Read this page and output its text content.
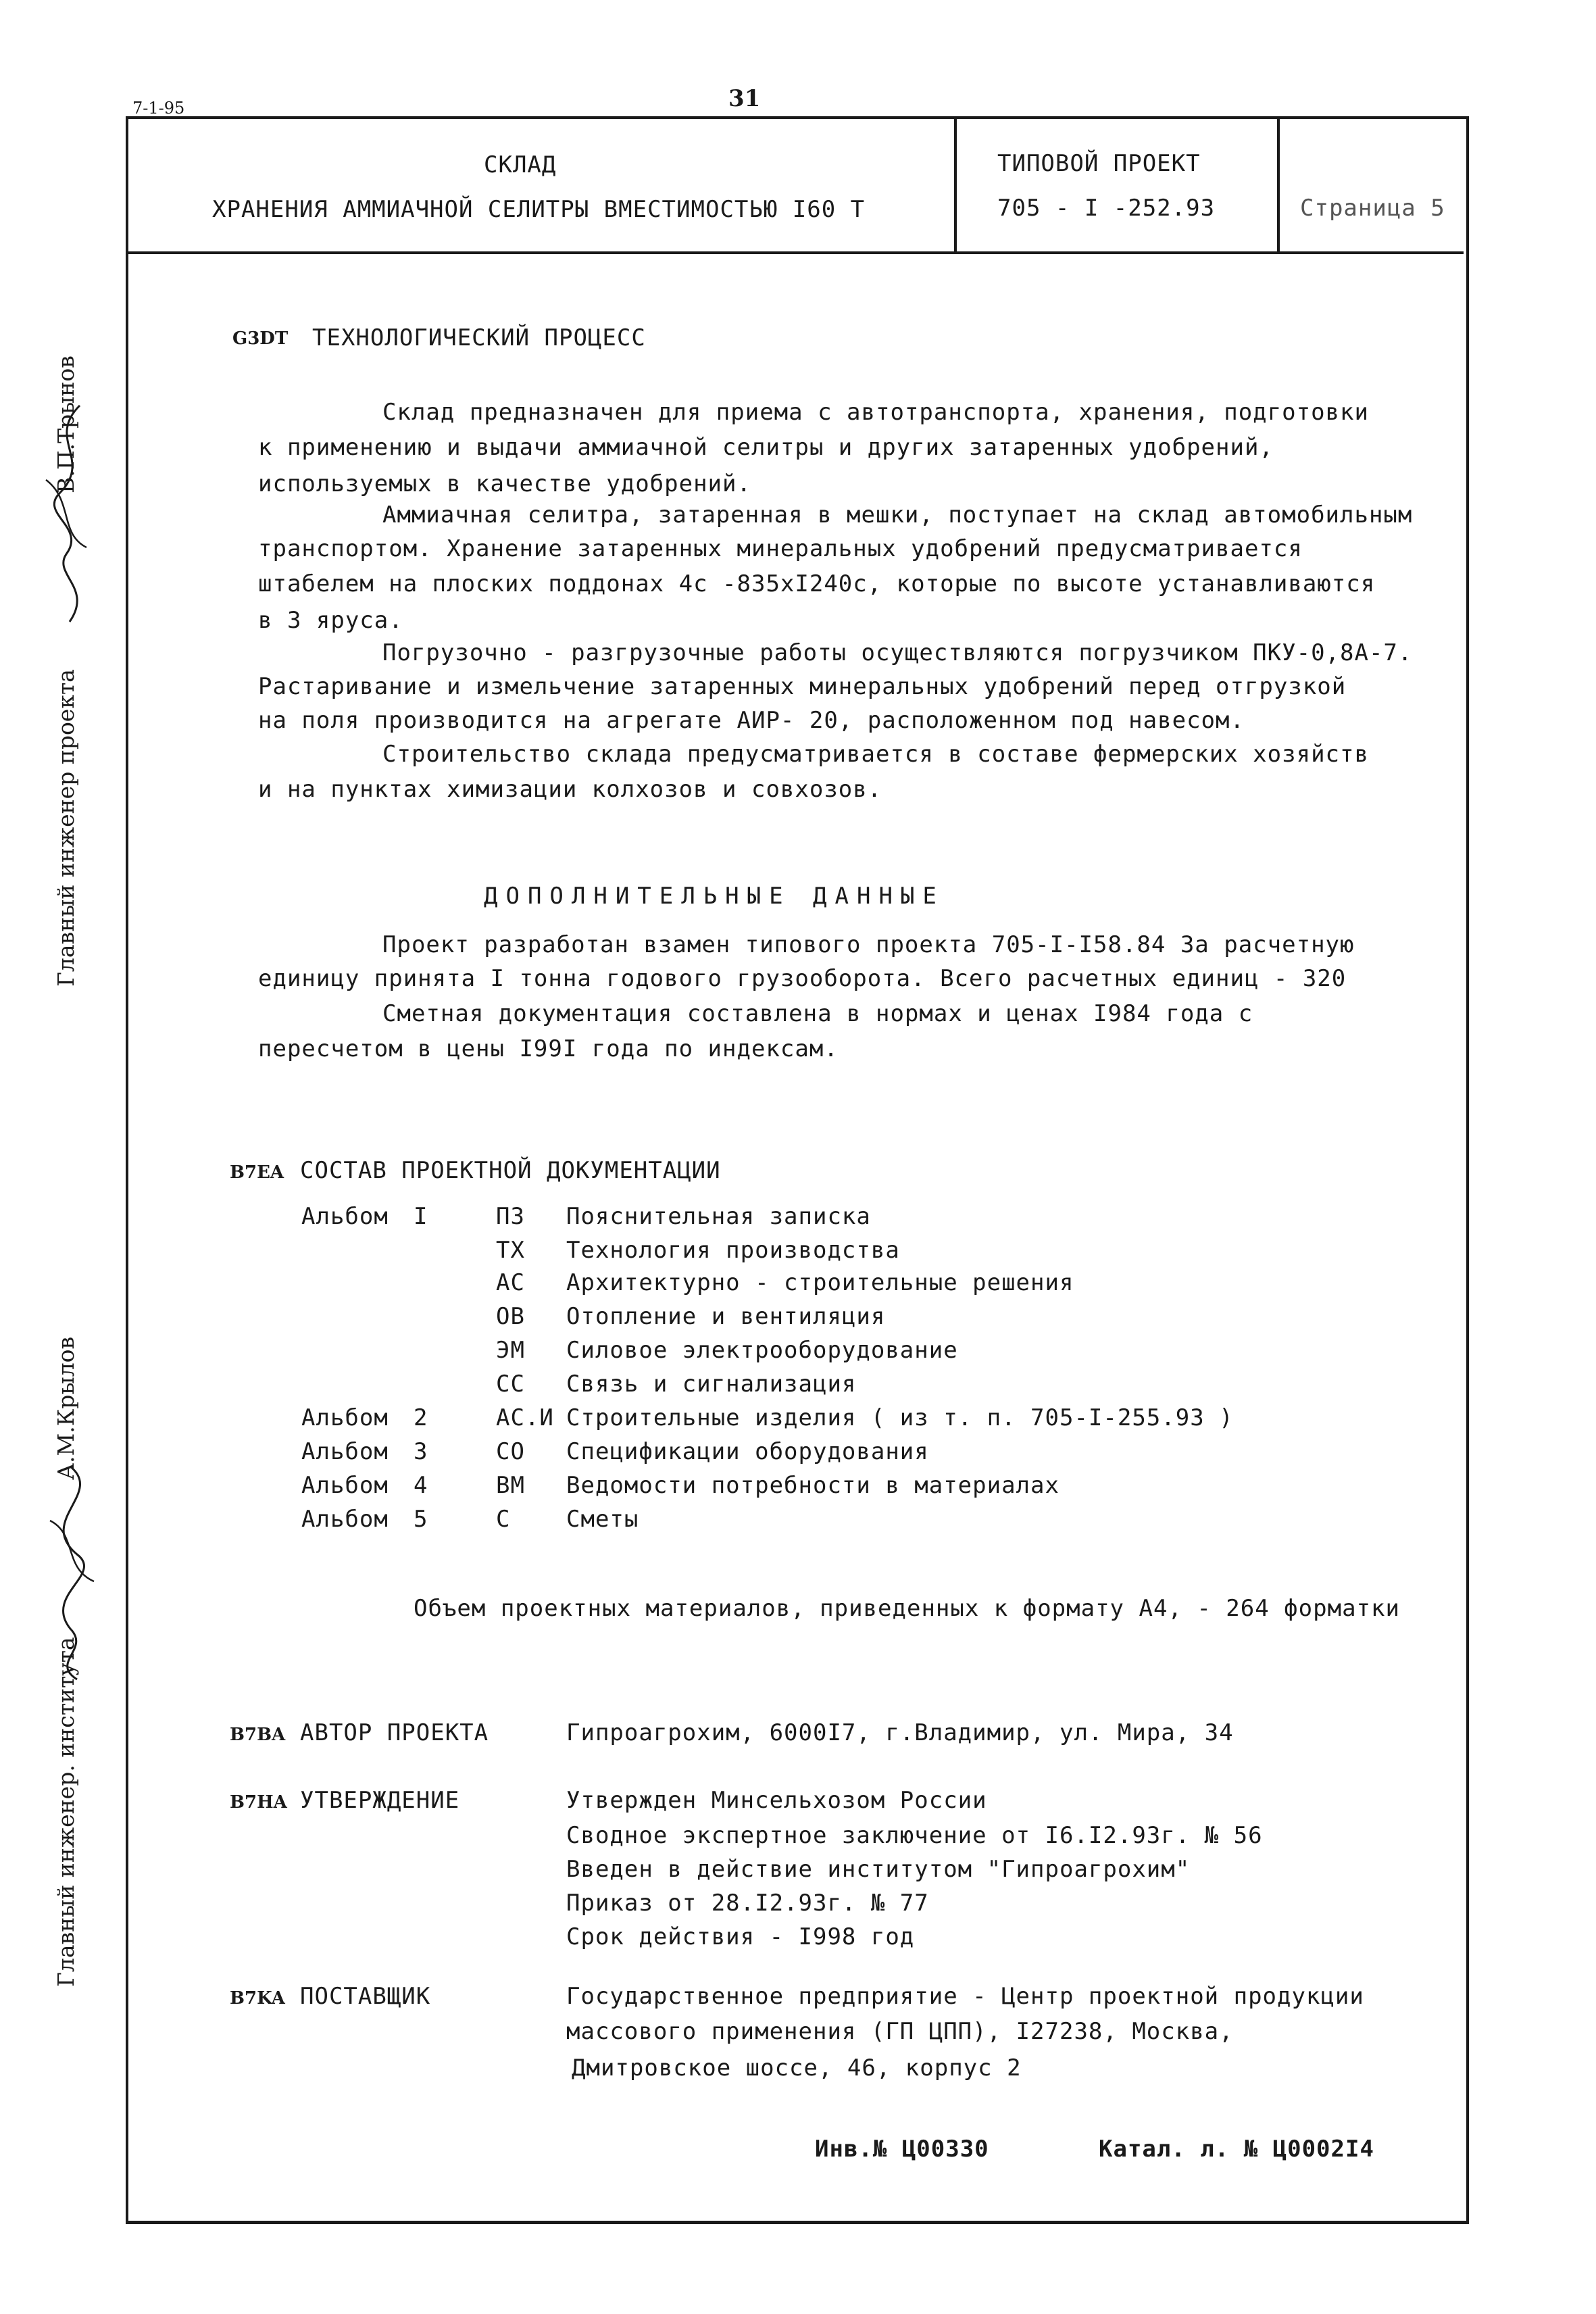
7-1-95	31
СКЛАД
ХРАНЕНИЯ АММИАЧНОЙ СЕЛИТРЫ ВМЕСТИМОСТЬЮ I60 Т
ТИПОВОЙ ПРОЕКТ
705 - I -252.93	Страница 5
Главный инженер проекта
В.П.Трынов
Главный инженер. института
А.М.Крылов
G3DT ТЕХНОЛОГИЧЕСКИЙ ПРОЦЕСС
Склад предназначен для приема с автотранспорта, хранения, подготовки
к применению и выдачи аммиачной селитры и других затаренных удобрений,
используемых в качестве удобрений.
Аммиачная селитра, затаренная в мешки, поступает на склад автомобильным
транспортом. Хранение затаренных минеральных удобрений предусматривается
штабелем на плоских поддонах 4с -835хI240с, которые по высоте устанавливаются
в 3 яруса.
Погрузочно - разгрузочные работы осуществляются погрузчиком ПКУ-0,8А-7.
Растаривание и измельчение затаренных минеральных удобрений перед отгрузкой
на поля производится на агрегате АИР- 20, расположенном под навесом.
Строительство склада предусматривается в составе фермерских хозяйств
и на пунктах химизации колхозов и совхозов.
ДОПОЛНИТЕЛЬНЫЕ ДАННЫЕ
Проект разработан взамен типового проекта 705-I-I58.84 За расчетную
единицу принята I тонна годового грузооборота. Всего расчетных единиц - 320
Сметная документация составлена в нормах и ценах I984 года с
пересчетом в цены I99I года по индексам.
B7EA СОСТАВ ПРОЕКТНОЙ ДОКУМЕНТАЦИИ
Альбом I	ПЗ Пояснительная записка
ТХ Технология производства
АС Архитектурно - строительные решения
ОВ Отопление и вентиляция
ЭМ Силовое электрооборудование
СС Связь и сигнализация
Альбом 2	АС.И Строительные изделия ( из т. п. 705-I-255.93 )
Альбом 3	СО Спецификации оборудования
Альбом 4	ВМ Ведомости потребности в материалах
Альбом 5	С Сметы
Объем проектных материалов, приведенных к формату А4, - 264 форматки
B7BA АВТОР ПРОЕКТА	Гипроагрохим, 6000I7, г.Владимир, ул. Мира, 34
B7HA УТВЕРЖДЕНИЕ	Утвержден Минсельхозом России
Сводное экспертное заключение от I6.I2.93г. № 56
Введен в действие институтом "Гипроагрохим"
Приказ от 28.I2.93г. № 77
Срок действия - I998 год
B7KA ПОСТАВЩИК	Государственное предприятие - Центр проектной продукции
массового применения (ГП ЦПП), I27238, Москва,
Дмитровское шоссе, 46, корпус 2
Инв.№ Ц00330	Катал. л. № Ц0002I4
